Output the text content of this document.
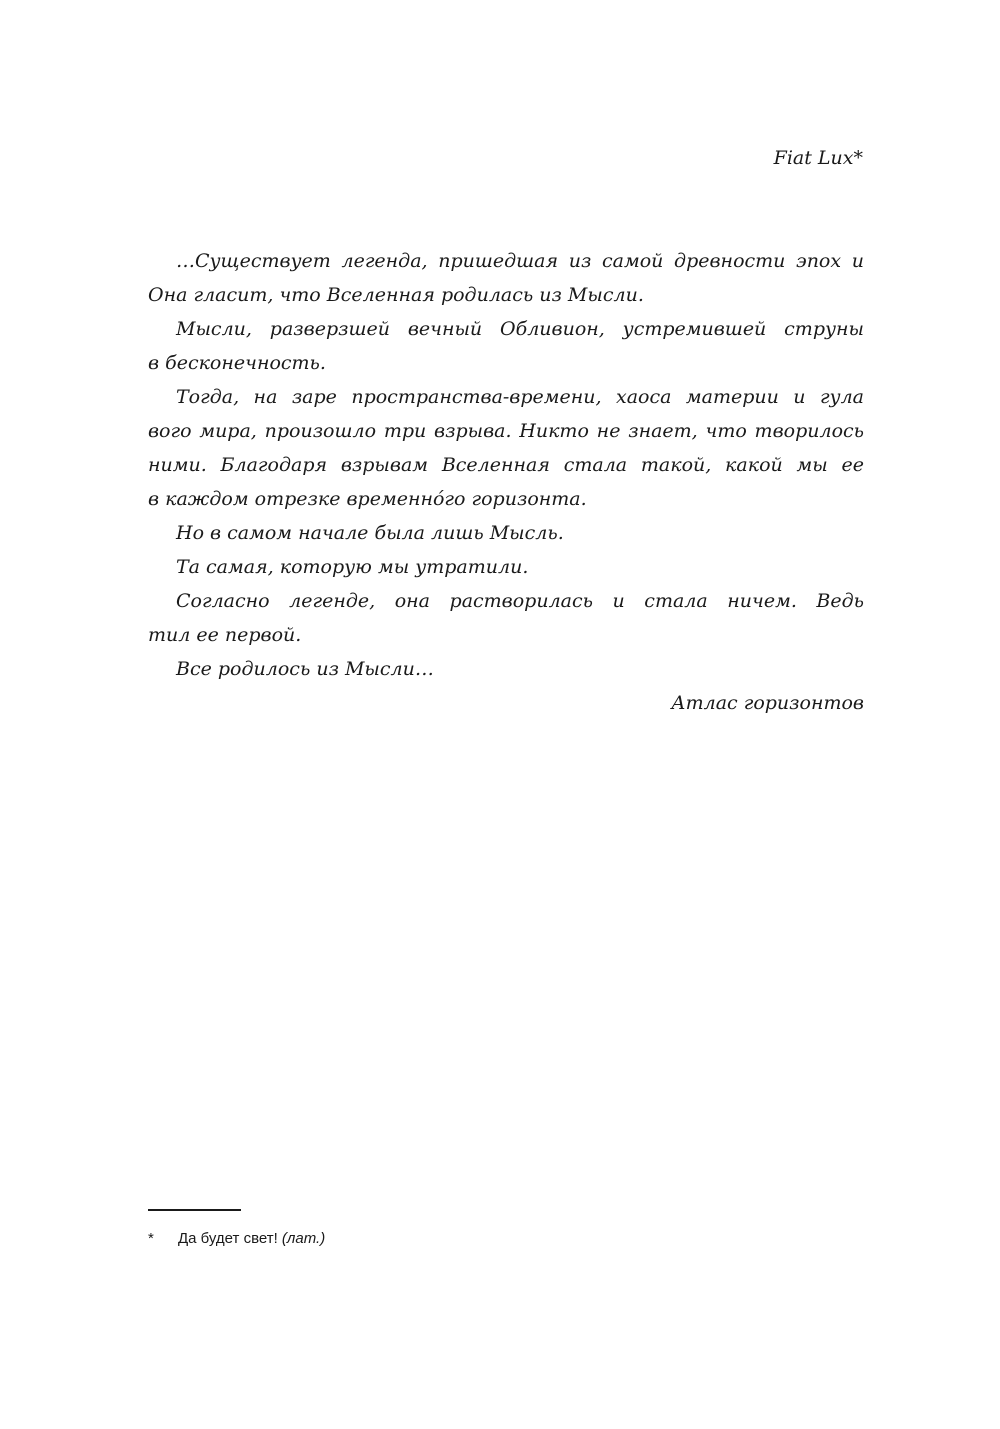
Fiat Lux*

…Существует легенда, пришедшая из самой древности эпох и
Она гласит, что Вселенная родилась из Мысли.
Мысли, разверзшей вечный Обливион, устремившей струны
в бесконечность.
Тогда, на заре пространства-времени, хаоса материи и гула
вого мира, произошло три взрыва. Никто не знает, что творилось
ними. Благодаря взрывам Вселенная стала такой, какой мы ее
в каждом отрезке временнóго горизонта.
Но в самом начале была лишь Мысль.
Та самая, которую мы утратили.
Согласно легенде, она растворилась и стала ничем. Ведь
тил ее первой.
Все родилось из Мысли…
Атлас горизонтов
* Да будет свет! (лат.)
